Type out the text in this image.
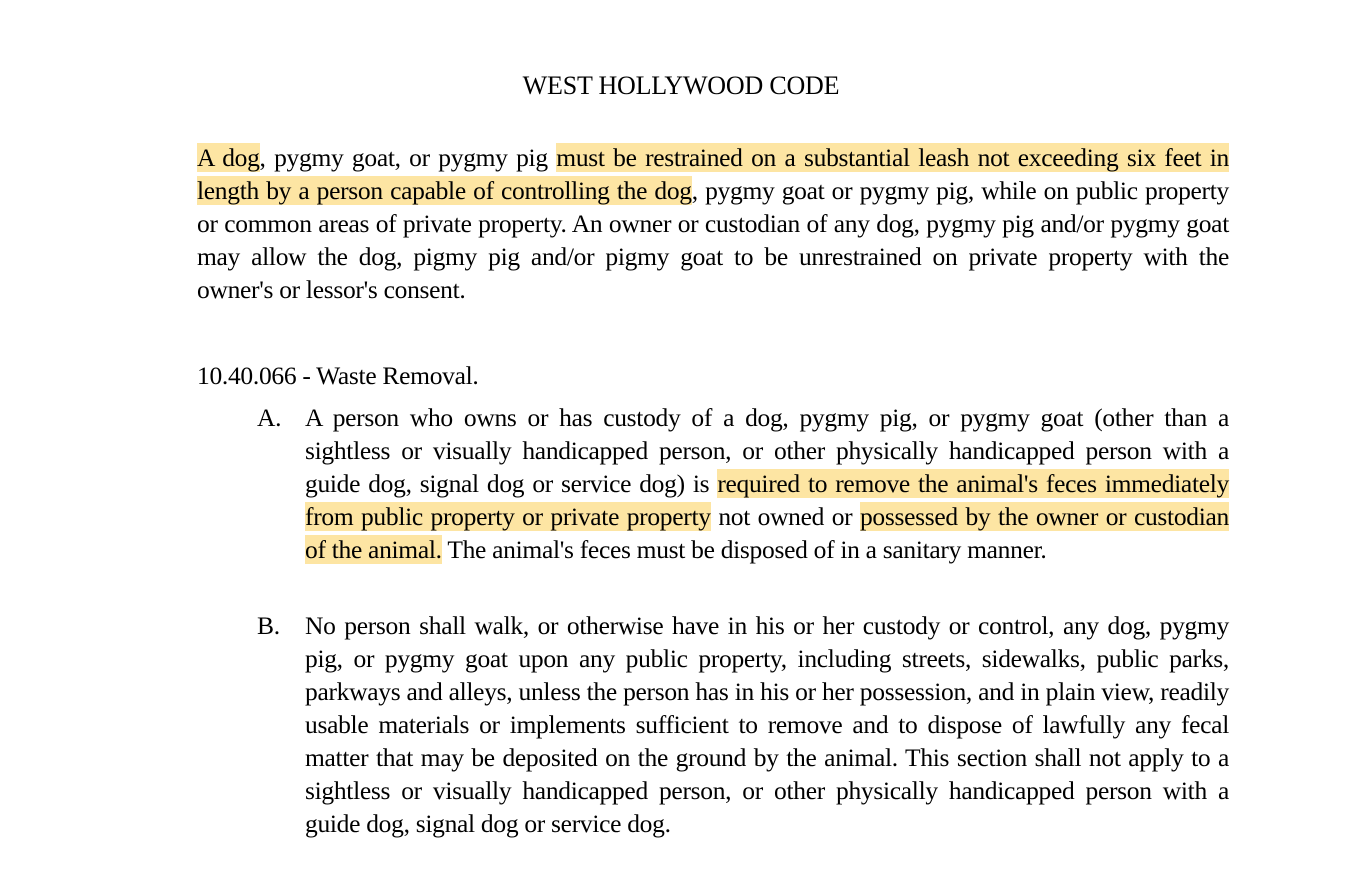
WEST HOLLYWOOD CODE

A dog, pygmy goat, or pygmy pig must be restrained on a substantial leash not exceeding six feet in length by a person capable of controlling the dog, pygmy goat or pygmy pig, while on public property or common areas of private property. An owner or custodian of any dog, pygmy pig and/or pygmy goat may allow the dog, pigmy pig and/or pigmy goat to be unrestrained on private property with the owner's or lessor's consent.

10.40.066 - Waste Removal.
A. A person who owns or has custody of a dog, pygmy pig, or pygmy goat (other than a sightless or visually handicapped person, or other physically handicapped person with a guide dog, signal dog or service dog) is required to remove the animal's feces immediately from public property or private property not owned or possessed by the owner or custodian of the animal. The animal's feces must be disposed of in a sanitary manner.
B. No person shall walk, or otherwise have in his or her custody or control, any dog, pygmy pig, or pygmy goat upon any public property, including streets, sidewalks, public parks, parkways and alleys, unless the person has in his or her possession, and in plain view, readily usable materials or implements sufficient to remove and to dispose of lawfully any fecal matter that may be deposited on the ground by the animal. This section shall not apply to a sightless or visually handicapped person, or other physically handicapped person with a guide dog, signal dog or service dog.
